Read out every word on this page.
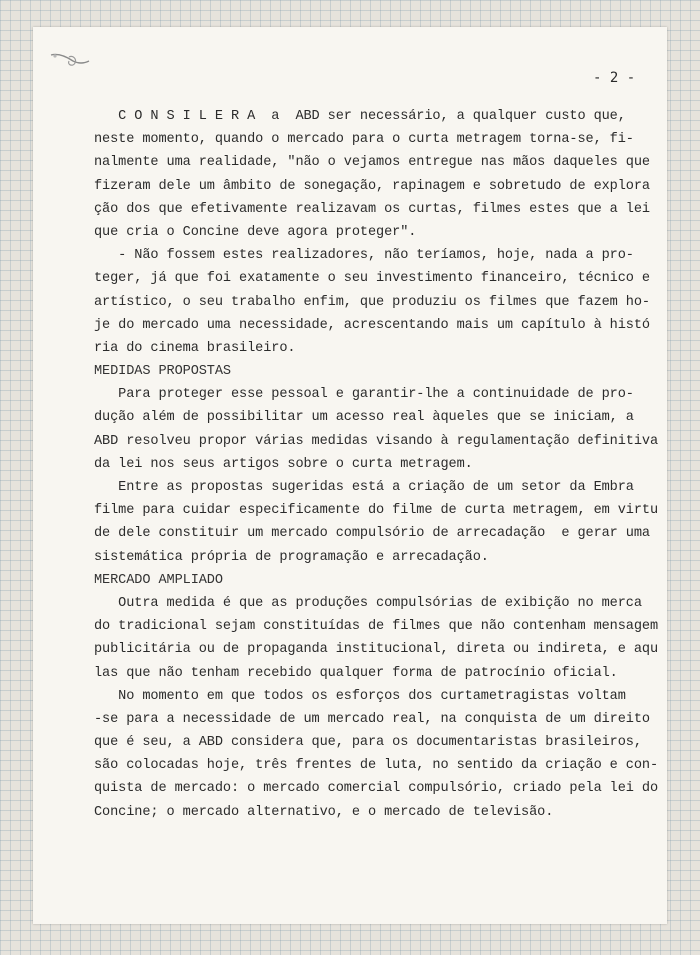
- 2 -
C O N S I L E R A  a  ABD ser necessário, a qualquer custo que,
neste momento, quando o mercado para o curta metragem torna-se, fi-
nalmente uma realidade, "não o vejamos entregue nas mãos daqueles que
fizeram dele um âmbito de sonegação, rapinagem e sobretudo de explora
ção dos que efetivamente realizavam os curtas, filmes estes que a lei
que cria o Concine deve agora proteger".
- Não fossem estes realizadores, não teríamos, hoje, nada a pro-
teger, já que foi exatamente o seu investimento financeiro, técnico e
artístico, o seu trabalho enfim, que produziu os filmes que fazem ho-
je do mercado uma necessidade, acrescentando mais um capítulo à histó
ria do cinema brasileiro.
MEDIDAS PROPOSTAS
Para proteger esse pessoal e garantir-lhe a continuidade de pro-
dução além de possibilitar um acesso real àqueles que se iniciam, a
ABD resolveu propor várias medidas visando à regulamentação definitiva
da lei nos seus artigos sobre o curta metragem.
Entre as propostas sugeridas está a criação de um setor da Embra
filme para cuidar especificamente do filme de curta metragem, em virtu
de dele constituir um mercado compulsório de arrecadação  e gerar uma
sistemática própria de programação e arrecadação.
MERCADO AMPLIADO
Outra medida é que as produções compulsórias de exibição no merca
do tradicional sejam constituídas de filmes que não contenham mensagem
publicitária ou de propaganda institucional, direta ou indireta, e aqu
las que não tenham recebido qualquer forma de patrocínio oficial.
No momento em que todos os esforços dos curtametragistas voltam
-se para a necessidade de um mercado real, na conquista de um direito
que é seu, a ABD considera que, para os documentaristas brasileiros,
são colocadas hoje, três frentes de luta, no sentido da criação e con-
quista de mercado: o mercado comercial compulsório, criado pela lei do
Concine; o mercado alternativo, e o mercado de televisão.
